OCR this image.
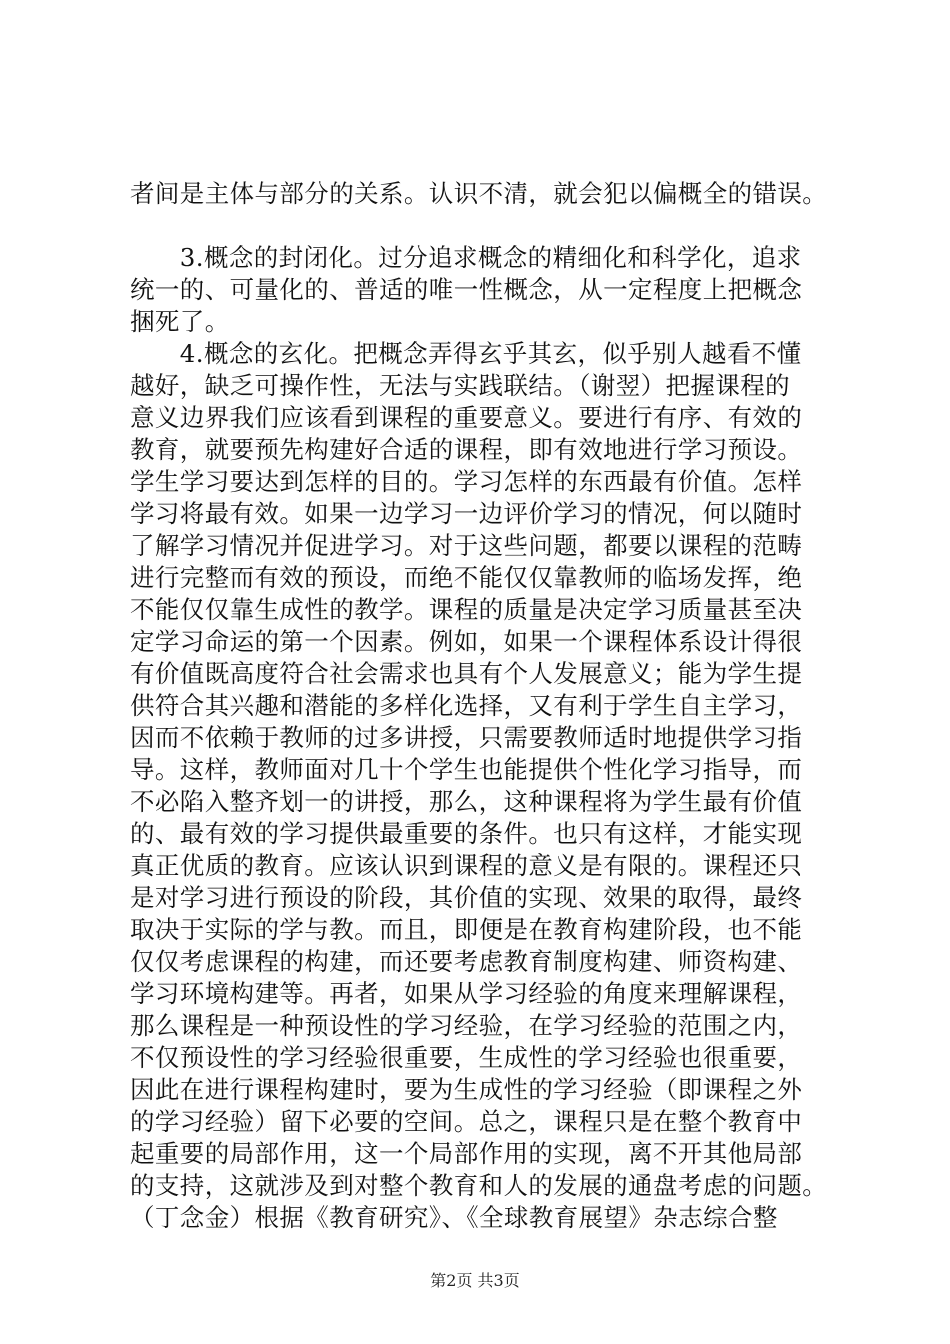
者间是主体与部分的关系。认识不清，就会犯以偏概全的错误。
　　3.概念的封闭化。过分追求概念的精细化和科学化，追求
统一的、可量化的、普适的唯一性概念，从一定程度上把概念
捆死了。
　　4.概念的玄化。把概念弄得玄乎其玄，似乎别人越看不懂
越好，缺乏可操作性，无法与实践联结。（谢翌）把握课程的
意义边界我们应该看到课程的重要意义。要进行有序、有效的
教育，就要预先构建好合适的课程，即有效地进行学习预设。
学生学习要达到怎样的目的。学习怎样的东西最有价值。怎样
学习将最有效。如果一边学习一边评价学习的情况，何以随时
了解学习情况并促进学习。对于这些问题，都要以课程的范畴
进行完整而有效的预设，而绝不能仅仅靠教师的临场发挥，绝
不能仅仅靠生成性的教学。课程的质量是决定学习质量甚至决
定学习命运的第一个因素。例如，如果一个课程体系设计得很
有价值既高度符合社会需求也具有个人发展意义；能为学生提
供符合其兴趣和潜能的多样化选择，又有利于学生自主学习，
因而不依赖于教师的过多讲授，只需要教师适时地提供学习指
导。这样，教师面对几十个学生也能提供个性化学习指导，而
不必陷入整齐划一的讲授，那么，这种课程将为学生最有价值
的、最有效的学习提供最重要的条件。也只有这样，才能实现
真正优质的教育。应该认识到课程的意义是有限的。课程还只
是对学习进行预设的阶段，其价值的实现、效果的取得，最终
取决于实际的学与教。而且，即便是在教育构建阶段，也不能
仅仅考虑课程的构建，而还要考虑教育制度构建、师资构建、
学习环境构建等。再者，如果从学习经验的角度来理解课程，
那么课程是一种预设性的学习经验，在学习经验的范围之内，
不仅预设性的学习经验很重要，生成性的学习经验也很重要，
因此在进行课程构建时，要为生成性的学习经验（即课程之外
的学习经验）留下必要的空间。总之，课程只是在整个教育中
起重要的局部作用，这一个局部作用的实现，离不开其他局部
的支持，这就涉及到对整个教育和人的发展的通盘考虑的问题。
（丁念金）根据《教育研究》、《全球教育展望》杂志综合整
第2页 共3页
